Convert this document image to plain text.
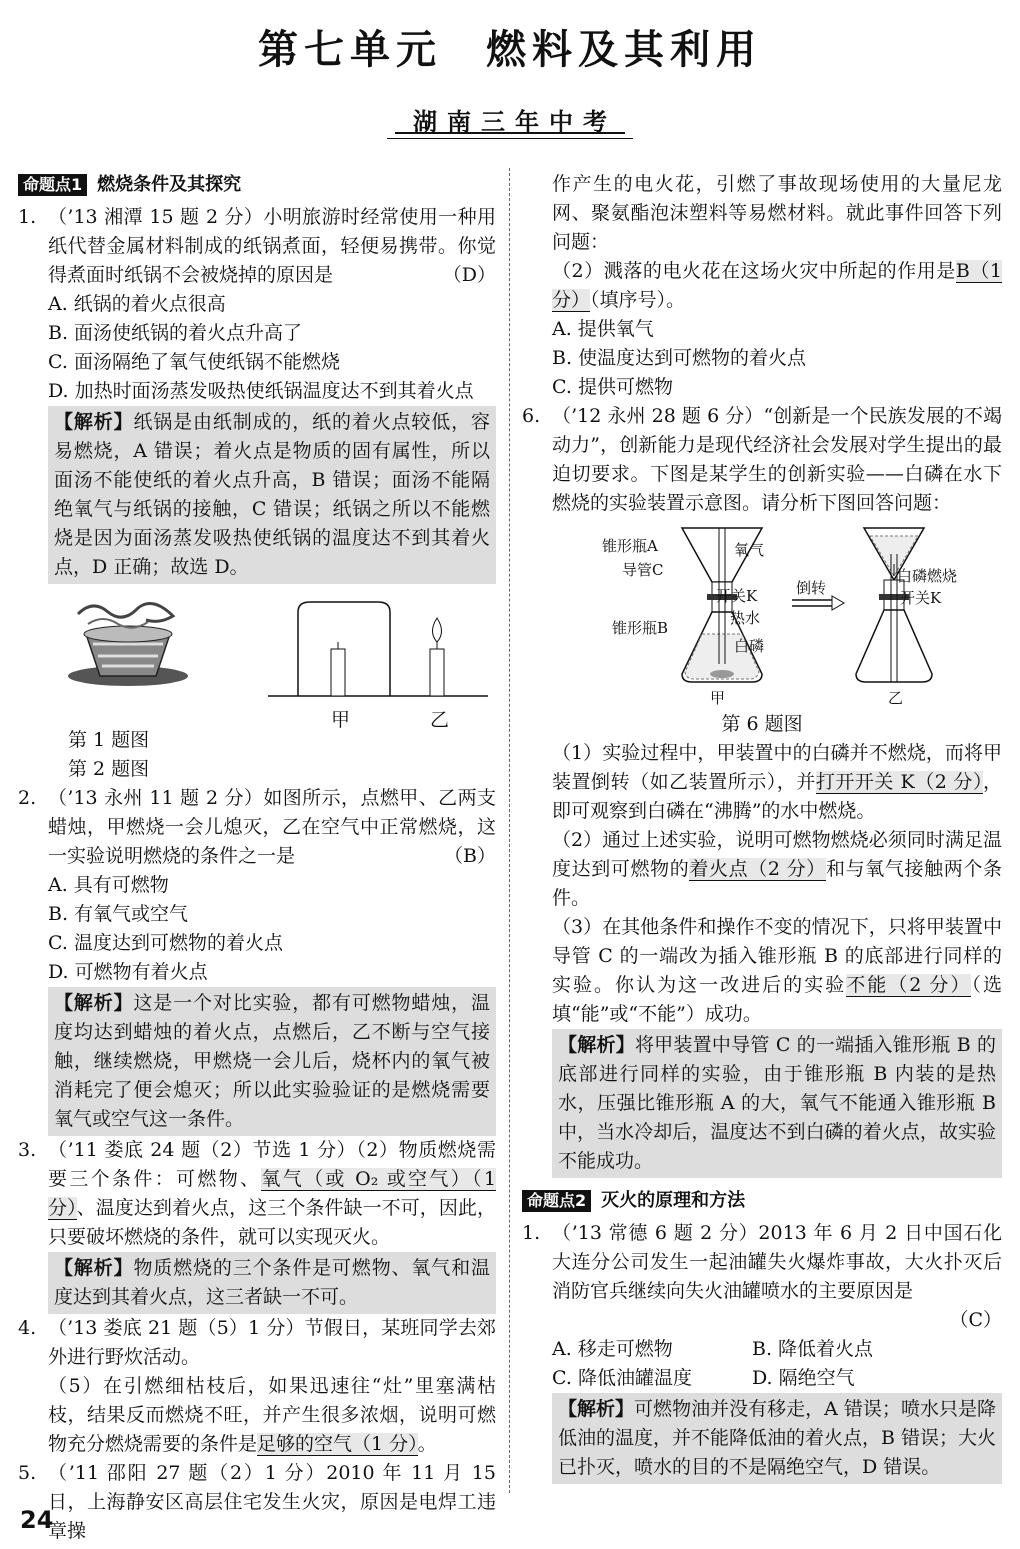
第七单元 燃料及其利用
湖南三年中考
命题点1 燃烧条件及其探究
1. （’13 湘潭 15 题 2 分）小明旅游时经常使用一种用纸代替金属材料制成的纸锅煮面，轻便易携带。你觉得煮面时纸锅不会被烧掉的原因是	（D）
A. 纸锅的着火点很高
B. 面汤使纸锅的着火点升高了
C. 面汤隔绝了氧气使纸锅不能燃烧
D. 加热时面汤蒸发吸热使纸锅温度达不到其着火点
【解析】纸锅是由纸制成的，纸的着火点较低，容易燃烧，A 错误；着火点是物质的固有属性，所以面汤不能使纸的着火点升高，B 错误；面汤不能隔绝氧气与纸锅的接触，C 错误；纸锅之所以不能燃烧是因为面汤蒸发吸热使纸锅的温度达不到其着火点，D 正确；故选 D。
甲	乙
第 1 题图第 2 题图
2. （’13 永州 11 题 2 分）如图所示，点燃甲、乙两支蜡烛，甲燃烧一会儿熄灭，乙在空气中正常燃烧，这一实验说明燃烧的条件之一是	（B）
A. 具有可燃物
B. 有氧气或空气
C. 温度达到可燃物的着火点
D. 可燃物有着火点
【解析】这是一个对比实验，都有可燃物蜡烛，温度均达到蜡烛的着火点，点燃后，乙不断与空气接触，继续燃烧，甲燃烧一会儿后，烧杯内的氧气被消耗完了便会熄灭；所以此实验验证的是燃烧需要氧气或空气这一条件。
3. （’11 娄底 24 题（2）节选 1 分）（2）物质燃烧需要三个条件：可燃物、氧气（或 O₂ 或空气）（1 分）、温度达到着火点，这三个条件缺一不可，因此，只要破坏燃烧的条件，就可以实现灭火。
【解析】物质燃烧的三个条件是可燃物、氧气和温度达到其着火点，这三者缺一不可。
4. （’13 娄底 21 题（5）1 分）节假日，某班同学去郊外进行野炊活动。
（5）在引燃细枯枝后，如果迅速往“灶”里塞满枯枝，结果反而燃烧不旺，并产生很多浓烟，说明可燃物充分燃烧需要的条件是足够的空气（1 分）。
5. （’11 邵阳 27 题（2）1 分）2010 年 11 月 15 日，上海静安区高层住宅发生火灾，原因是电焊工违章操
作产生的电火花，引燃了事故现场使用的大量尼龙网、聚氨酯泡沫塑料等易燃材料。就此事件回答下列问题：
（2）溅落的电火花在这场火灾中所起的作用是B（1 分）（填序号）。
A. 提供氧气
B. 使温度达到可燃物的着火点
C. 提供可燃物
6. （’12 永州 28 题 6 分）“创新是一个民族发展的不竭动力”，创新能力是现代经济社会发展对学生提出的最迫切要求。下图是某学生的创新实验——白磷在水下燃烧的实验装置示意图。请分析下图回答问题：
锥形瓶A
导管C
氧气
开关K
热水
锥形瓶B
白磷
倒转
白磷燃烧
开关K
甲	乙
第 6 题图
（1）实验过程中，甲装置中的白磷并不燃烧，而将甲装置倒转（如乙装置所示），并打开开关 K（2 分），即可观察到白磷在“沸腾”的水中燃烧。
（2）通过上述实验，说明可燃物燃烧必须同时满足温度达到可燃物的着火点（2 分）和与氧气接触两个条件。
（3）在其他条件和操作不变的情况下，只将甲装置中导管 C 的一端改为插入锥形瓶 B 的底部进行同样的实验。你认为这一改进后的实验不能（2 分）（选填“能”或“不能”）成功。
【解析】将甲装置中导管 C 的一端插入锥形瓶 B 的底部进行同样的实验，由于锥形瓶 B 内装的是热水，压强比锥形瓶 A 的大，氧气不能通入锥形瓶 B 中，当水冷却后，温度达不到白磷的着火点，故实验不能成功。
命题点2 灭火的原理和方法
1. （’13 常德 6 题 2 分）2013 年 6 月 2 日中国石化大连分公司发生一起油罐失火爆炸事故，大火扑灭后消防官兵继续向失火油罐喷水的主要原因是
（C）
A. 移走可燃物	B. 降低着火点
C. 降低油罐温度	D. 隔绝空气
【解析】可燃物油并没有移走，A 错误；喷水只是降低油的温度，并不能降低油的着火点，B 错误；大火已扑灭，喷水的目的不是隔绝空气，D 错误。
24
